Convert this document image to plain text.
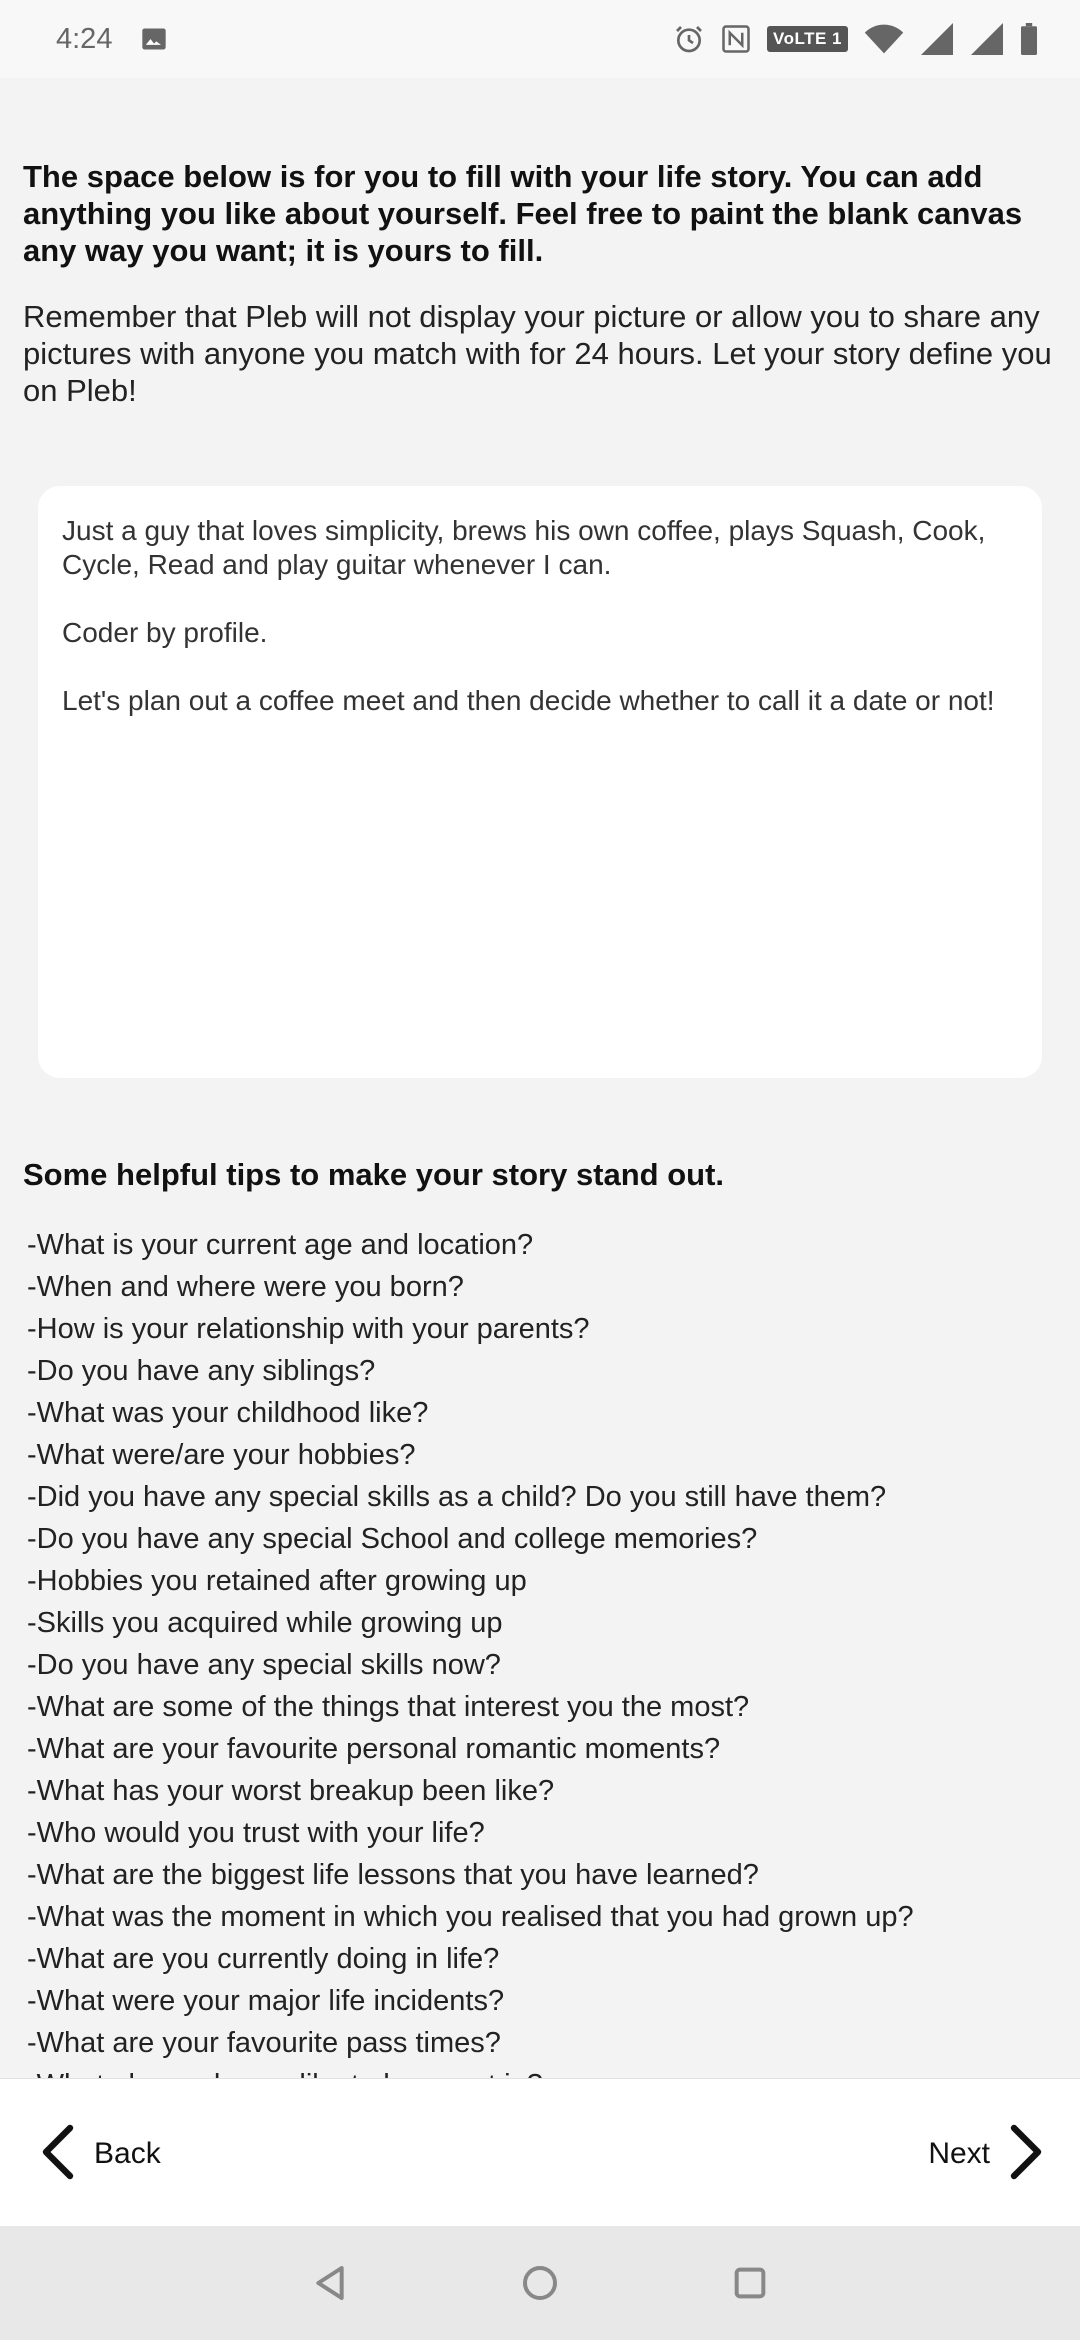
4:24	VoLTE 1

The space below is for you to fill with your life story. You can add anything you like about yourself. Feel free to paint the blank canvas any way you want; it is yours to fill.

Remember that Pleb will not display your picture or allow you to share any pictures with anyone you match with for 24 hours. Let your story define you on Pleb!

Just a guy that loves simplicity, brews his own coffee, plays Squash, Cook, Cycle, Read and play guitar whenever I can.

Coder by profile.

Let's plan out a coffee meet and then decide whether to call it a date or not!

Some helpful tips to make your story stand out.

-What is your current age and location?
-When and where were you born?
-How is your relationship with your parents?
-Do you have any siblings?
-What was your childhood like?
-What were/are your hobbies?
-Did you have any special skills as a child? Do you still have them?
-Do you have any special School and college memories?
-Hobbies you retained after growing up
-Skills you acquired while growing up
-Do you have any special skills now?
-What are some of the things that interest you the most?
-What are your favourite personal romantic moments?
-What has your worst breakup been like?
-Who would you trust with your life?
-What are the biggest life lessons that you have learned?
-What was the moment in which you realised that you had grown up?
-What are you currently doing in life?
-What were your major life incidents?
-What are your favourite pass times?
Back	Next
